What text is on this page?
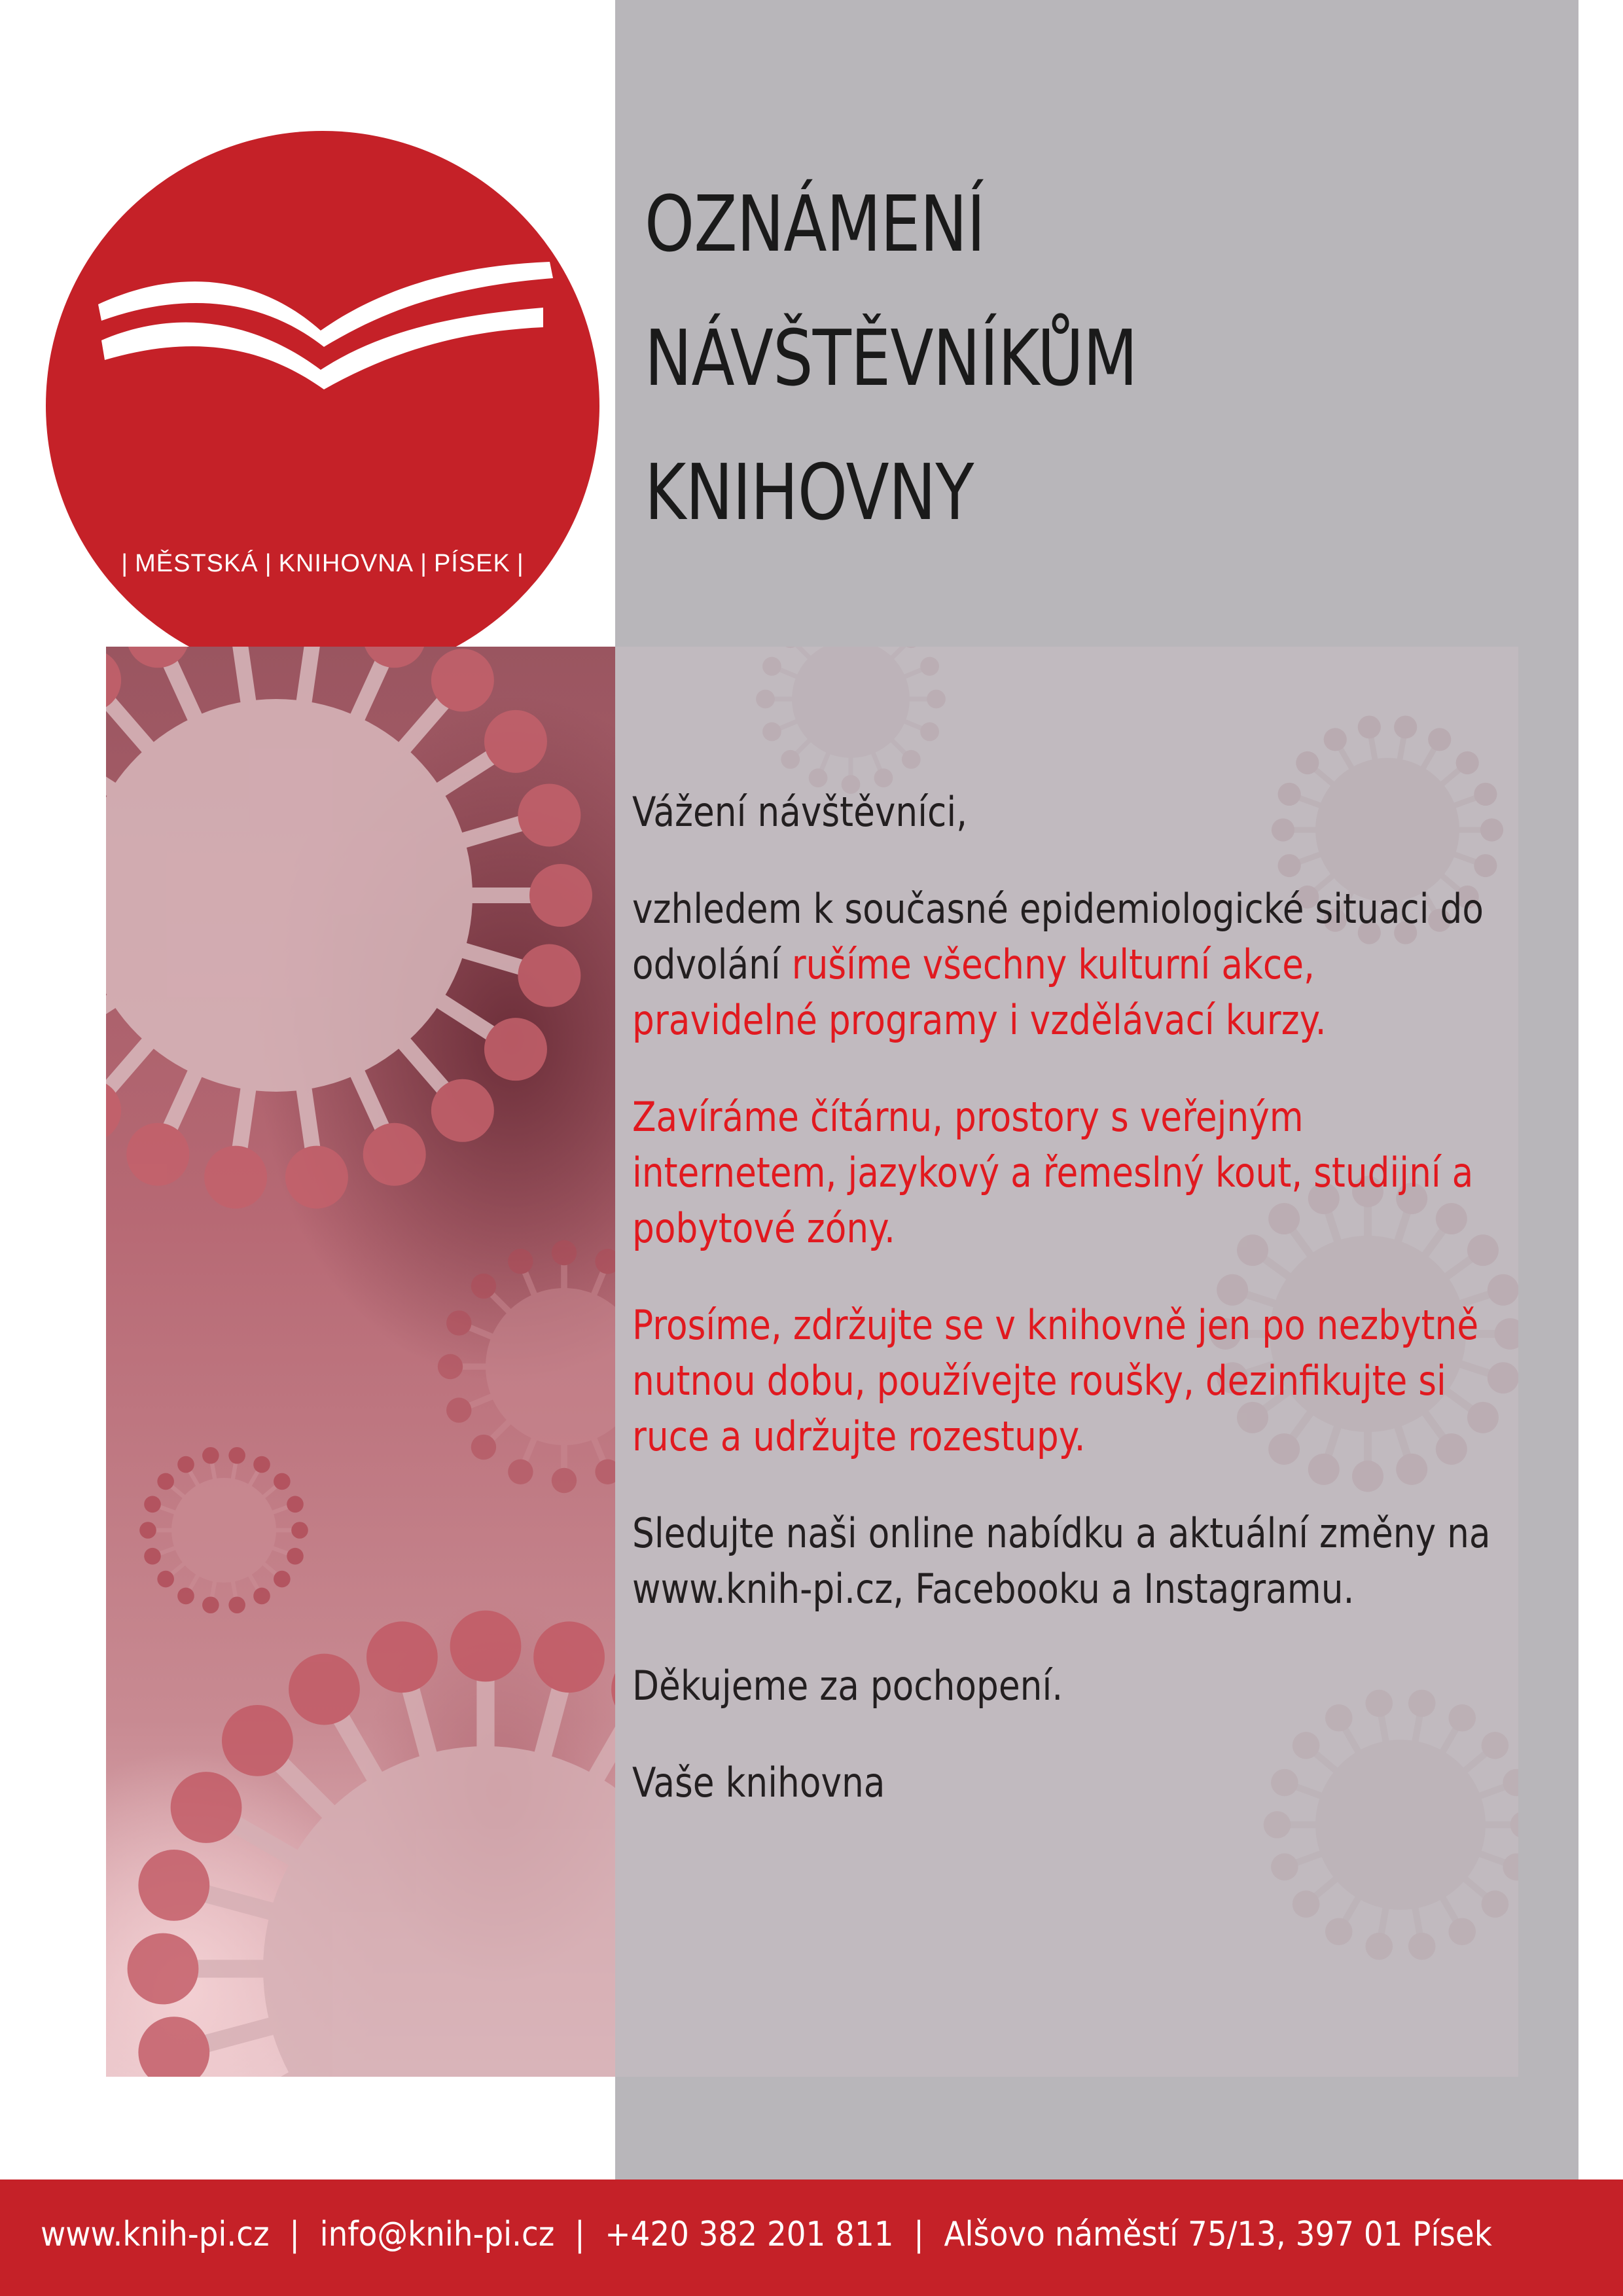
| MĚSTSKÁ | KNIHOVNA | PÍSEK |
OZNÁMENÍ
NÁVŠTĚVNÍKŮM
KNIHOVNY

Vážení návštěvníci,

vzhledem k současné epidemiologické situaci do odvolání rušíme všechny kulturní akce, pravidelné programy i vzdělávací kurzy.

Zavíráme čítárnu, prostory s veřejným internetem, jazykový a řemeslný kout, studijní a pobytové zóny.

Prosíme, zdržujte se v knihovně jen po nezbytně nutnou dobu, používejte roušky, dezinfikujte si ruce a udržujte rozestupy.

Sledujte naši online nabídku a aktuální změny na www.knih-pi.cz, Facebooku a Instagramu.

Děkujeme za pochopení.

Vaše knihovna

www.knih-pi.cz | info@knih-pi.cz | +420 382 201 811 | Alšovo náměstí 75/13, 397 01 Písek
